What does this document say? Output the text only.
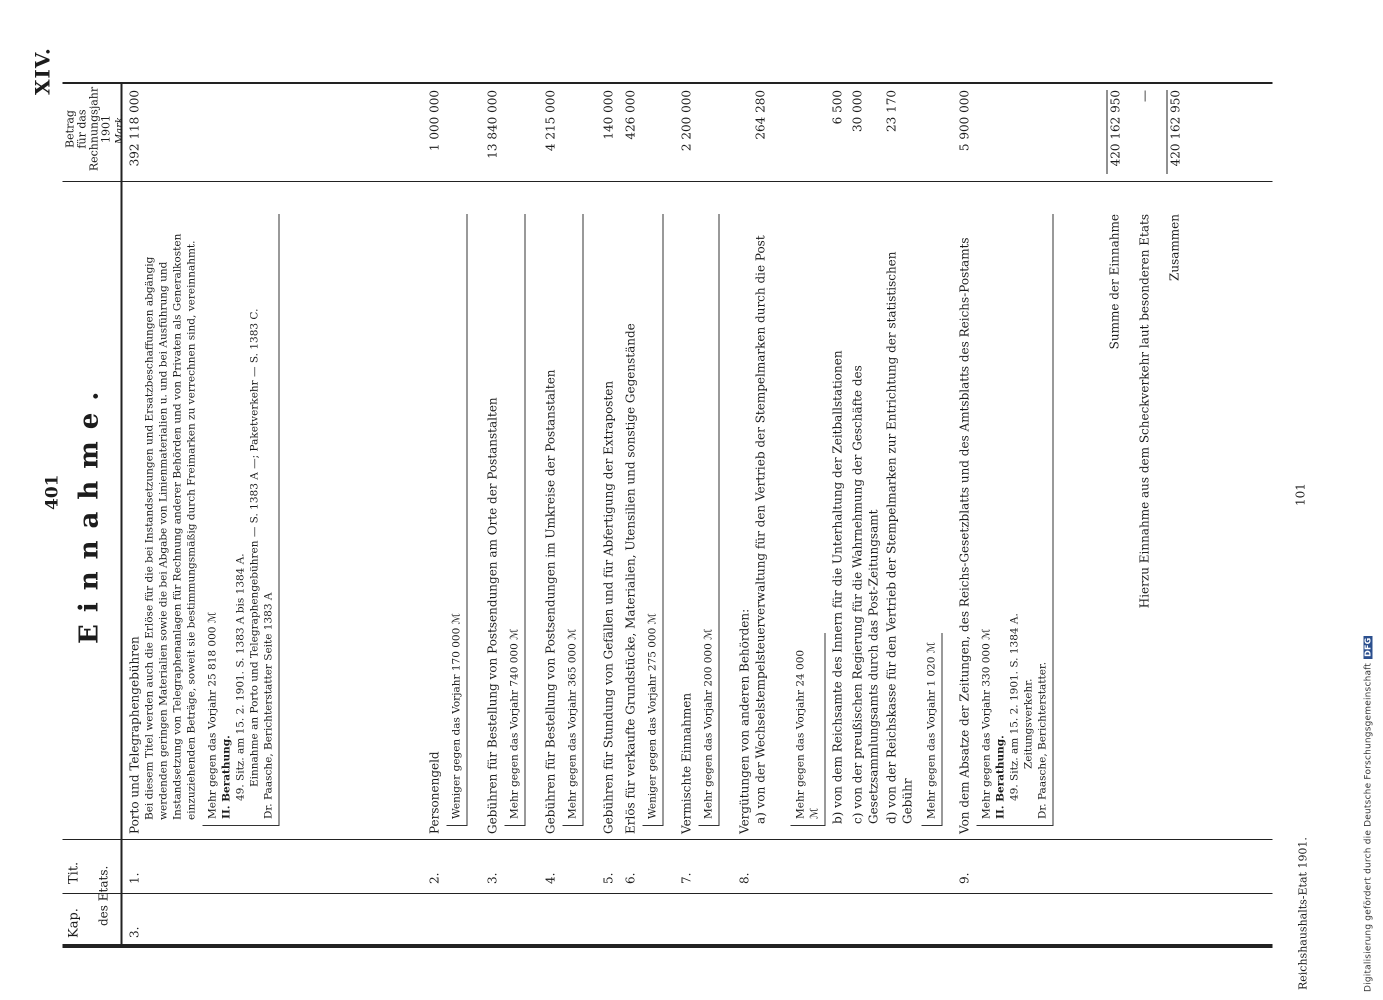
401
XIV.
Kap.
Tit. des Etats.
Einnahme.
Betrag
für das
Rechnungsjahr
1901 Mark.
3.
1.
392 118 000
Porto und Telegraphengebühren Bei diesem Titel werden auch die Erlöse für die bei Instandsetzungen und Ersatzbeschaffungen abgängig werdenden geringen Materialien sowie die bei Abgabe von Linienmaterialien u. und bei Ausführung und Instandsetzung von Telegraphenanlagen für Rechnung anderer Behörden und von Privaten als Generalkosten einzuziehenden Beträge, soweit sie bestimmungsmäßig durch Freimarken zu verrechnen sind, vereinnahmt. Mehr gegen das Vorjahr 25 818 000 ℳ II. Berathung. 49. Sitz. am 15. 2. 1901. S. 1383 A bis 1384 A. Einnahme an Porto und Telegraphengebühren — S. 1383 A —; Paketverkehr — S. 1383 C. Dr. Paasche, Berichterstatter Seite 1383 A
2.
1 000 000
Personengeld Weniger gegen das Vorjahr 170 000 ℳ
3.
13 840 000
Gebühren für Bestellung von Postsendungen am Orte der Postanstalten Mehr gegen das Vorjahr 740 000 ℳ
4.
4 215 000
Gebühren für Bestellung von Postsendungen im Umkreise der Postanstalten Mehr gegen das Vorjahr 365 000 ℳ
5.
140 000
Gebühren für Stundung von Gefällen und für Abfertigung der Extraposten
6.
426 000
Erlös für verkaufte Grundstücke, Materialien, Utensilien und sonstige Gegenstände Weniger gegen das Vorjahr 275 000 ℳ
7.
2 200 000
Vermischte Einnahmen Mehr gegen das Vorjahr 200 000 ℳ
8.
Vergütungen von anderen Behörden: a) von der Wechselstempelsteuerverwaltung für den Vertrieb der Stempelmarken durch die Post
264 280
Mehr gegen das Vorjahr 24 000 ℳ b) von dem Reichsamte des Innern für die Unterhaltung der Zeitballstationen
6 500
c) von der preußischen Regierung für die Wahrnehmung der Geschäfte des Gesetzsammlungsamts durch das Post-Zeitungsamt
30 000
d) von der Reichskasse für den Vertrieb der Stempelmarken zur Entrichtung der statistischen Gebühr
23 170
Mehr gegen das Vorjahr 1 020 ℳ
9.
5 900 000
Von dem Absatze der Zeitungen, des Reichs-Gesetzblatts und des Amtsblatts des Reichs-Postamts Mehr gegen das Vorjahr 330 000 ℳ II. Berathung. 49. Sitz. am 15. 2. 1901. S. 1384 A. Zeitungsverkehr. Dr. Paasche, Berichterstatter.
Summe der Einnahme
420 162 950
Hierzu Einnahme aus dem Scheckverkehr laut besonderen Etats
—
Zusammen
420 162 950
Reichshaushalts-Etat 1901.
101
Digitalisierung gefördert durch die Deutsche ForschungsgemeinschaftDFG
